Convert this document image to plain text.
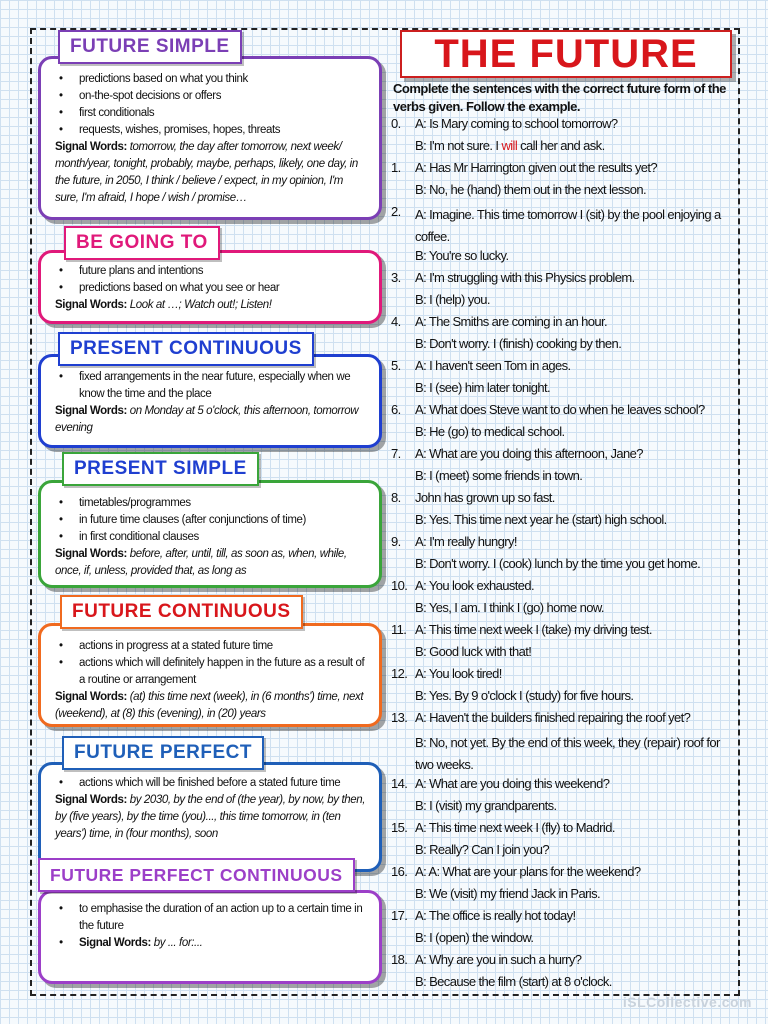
FUTURE SIMPLE
• predictions based on what you think
• on-the-spot decisions or offers
• first conditionals
• requests, wishes, promises, hopes, threats
Signal Words: tomorrow, the day after tomorrow, next week/ month/year, tonight, probably, maybe, perhaps, likely, one day, in the future, in 2050, I think / believe / expect, in my opinion, I'm sure, I'm afraid, I hope / wish / promise…
BE GOING TO
• future plans and intentions
• predictions based on what you see or hear
Signal Words: Look at …; Watch out!; Listen!
PRESENT CONTINUOUS
• fixed arrangements in the near future, especially when we know the time and the place
Signal Words: on Monday at 5 o'clock, this afternoon, tomorrow evening
PRESENT SIMPLE
• timetables/programmes
• in future time clauses (after conjunctions of time)
• in first conditional clauses
Signal Words: before, after, until, till, as soon as, when, while, once, if, unless, provided that, as long as
FUTURE CONTINUOUS
• actions in progress at a stated future time
• actions which will definitely happen in the future as a result of a routine or arrangement
Signal Words: (at) this time next (week), in (6 months') time, next (weekend), at (8) this (evening), in (20) years
FUTURE PERFECT
• actions which will be finished before a stated future time
Signal Words: by 2030, by the end of (the year), by now, by then, by (five years), by the time (you)..., this time tomorrow, in (ten years') time, in (four months), soon
FUTURE PERFECT CONTINUOUS
• to emphasise the duration of an action up to a certain time in the future
• Signal Words: by ... for:...
THE FUTURE
Complete the sentences with the correct future form of the verbs given. Follow the example.
0.	A: Is Mary coming to school tomorrow?
B: I'm not sure. I will call her and ask.
1.	A: Has Mr Harrington given out the results yet?
B: No, he (hand) them out in the next lesson.
2.	A: Imagine. This time tomorrow I (sit) by the pool enjoying a coffee.
B: You're so lucky.
3.	A: I'm struggling with this Physics problem.
B: I (help) you.
4.	A: The Smiths are coming in an hour.
B: Don't worry. I (finish) cooking by then.
5.	A: I haven't seen Tom in ages.
B: I (see) him later tonight.
6.	A: What does Steve want to do when he leaves school?
B: He (go) to medical school.
7.	A: What are you doing this afternoon, Jane?
B: I (meet) some friends in town.
8.	John has grown up so fast.
B: Yes. This time next year he (start) high school.
9.	A: I'm really hungry!
B: Don't worry. I (cook) lunch by the time you get home.
10. A: You look exhausted.
B: Yes, I am. I think I (go) home now.
11. A: This time next week I (take) my driving test.
B: Good luck with that!
12. A: You look tired!
B: Yes. By 9 o'clock I (study) for five hours.
13. A: Haven't the builders finished repairing the roof yet?
B: No, not yet. By the end of this week, they (repair) roof for two weeks.
14. A: What are you doing this weekend?
B: I (visit) my grandparents.
15. A: This time next week I (fly) to Madrid.
B: Really? Can I join you?
16. A: A: What are your plans for the weekend?
B: We (visit) my friend Jack in Paris.
17. A: The office is really hot today!
B: I (open) the window.
18. A: Why are you in such a hurry?
B: Because the film (start) at 8 o'clock.
iSLCollective.com
